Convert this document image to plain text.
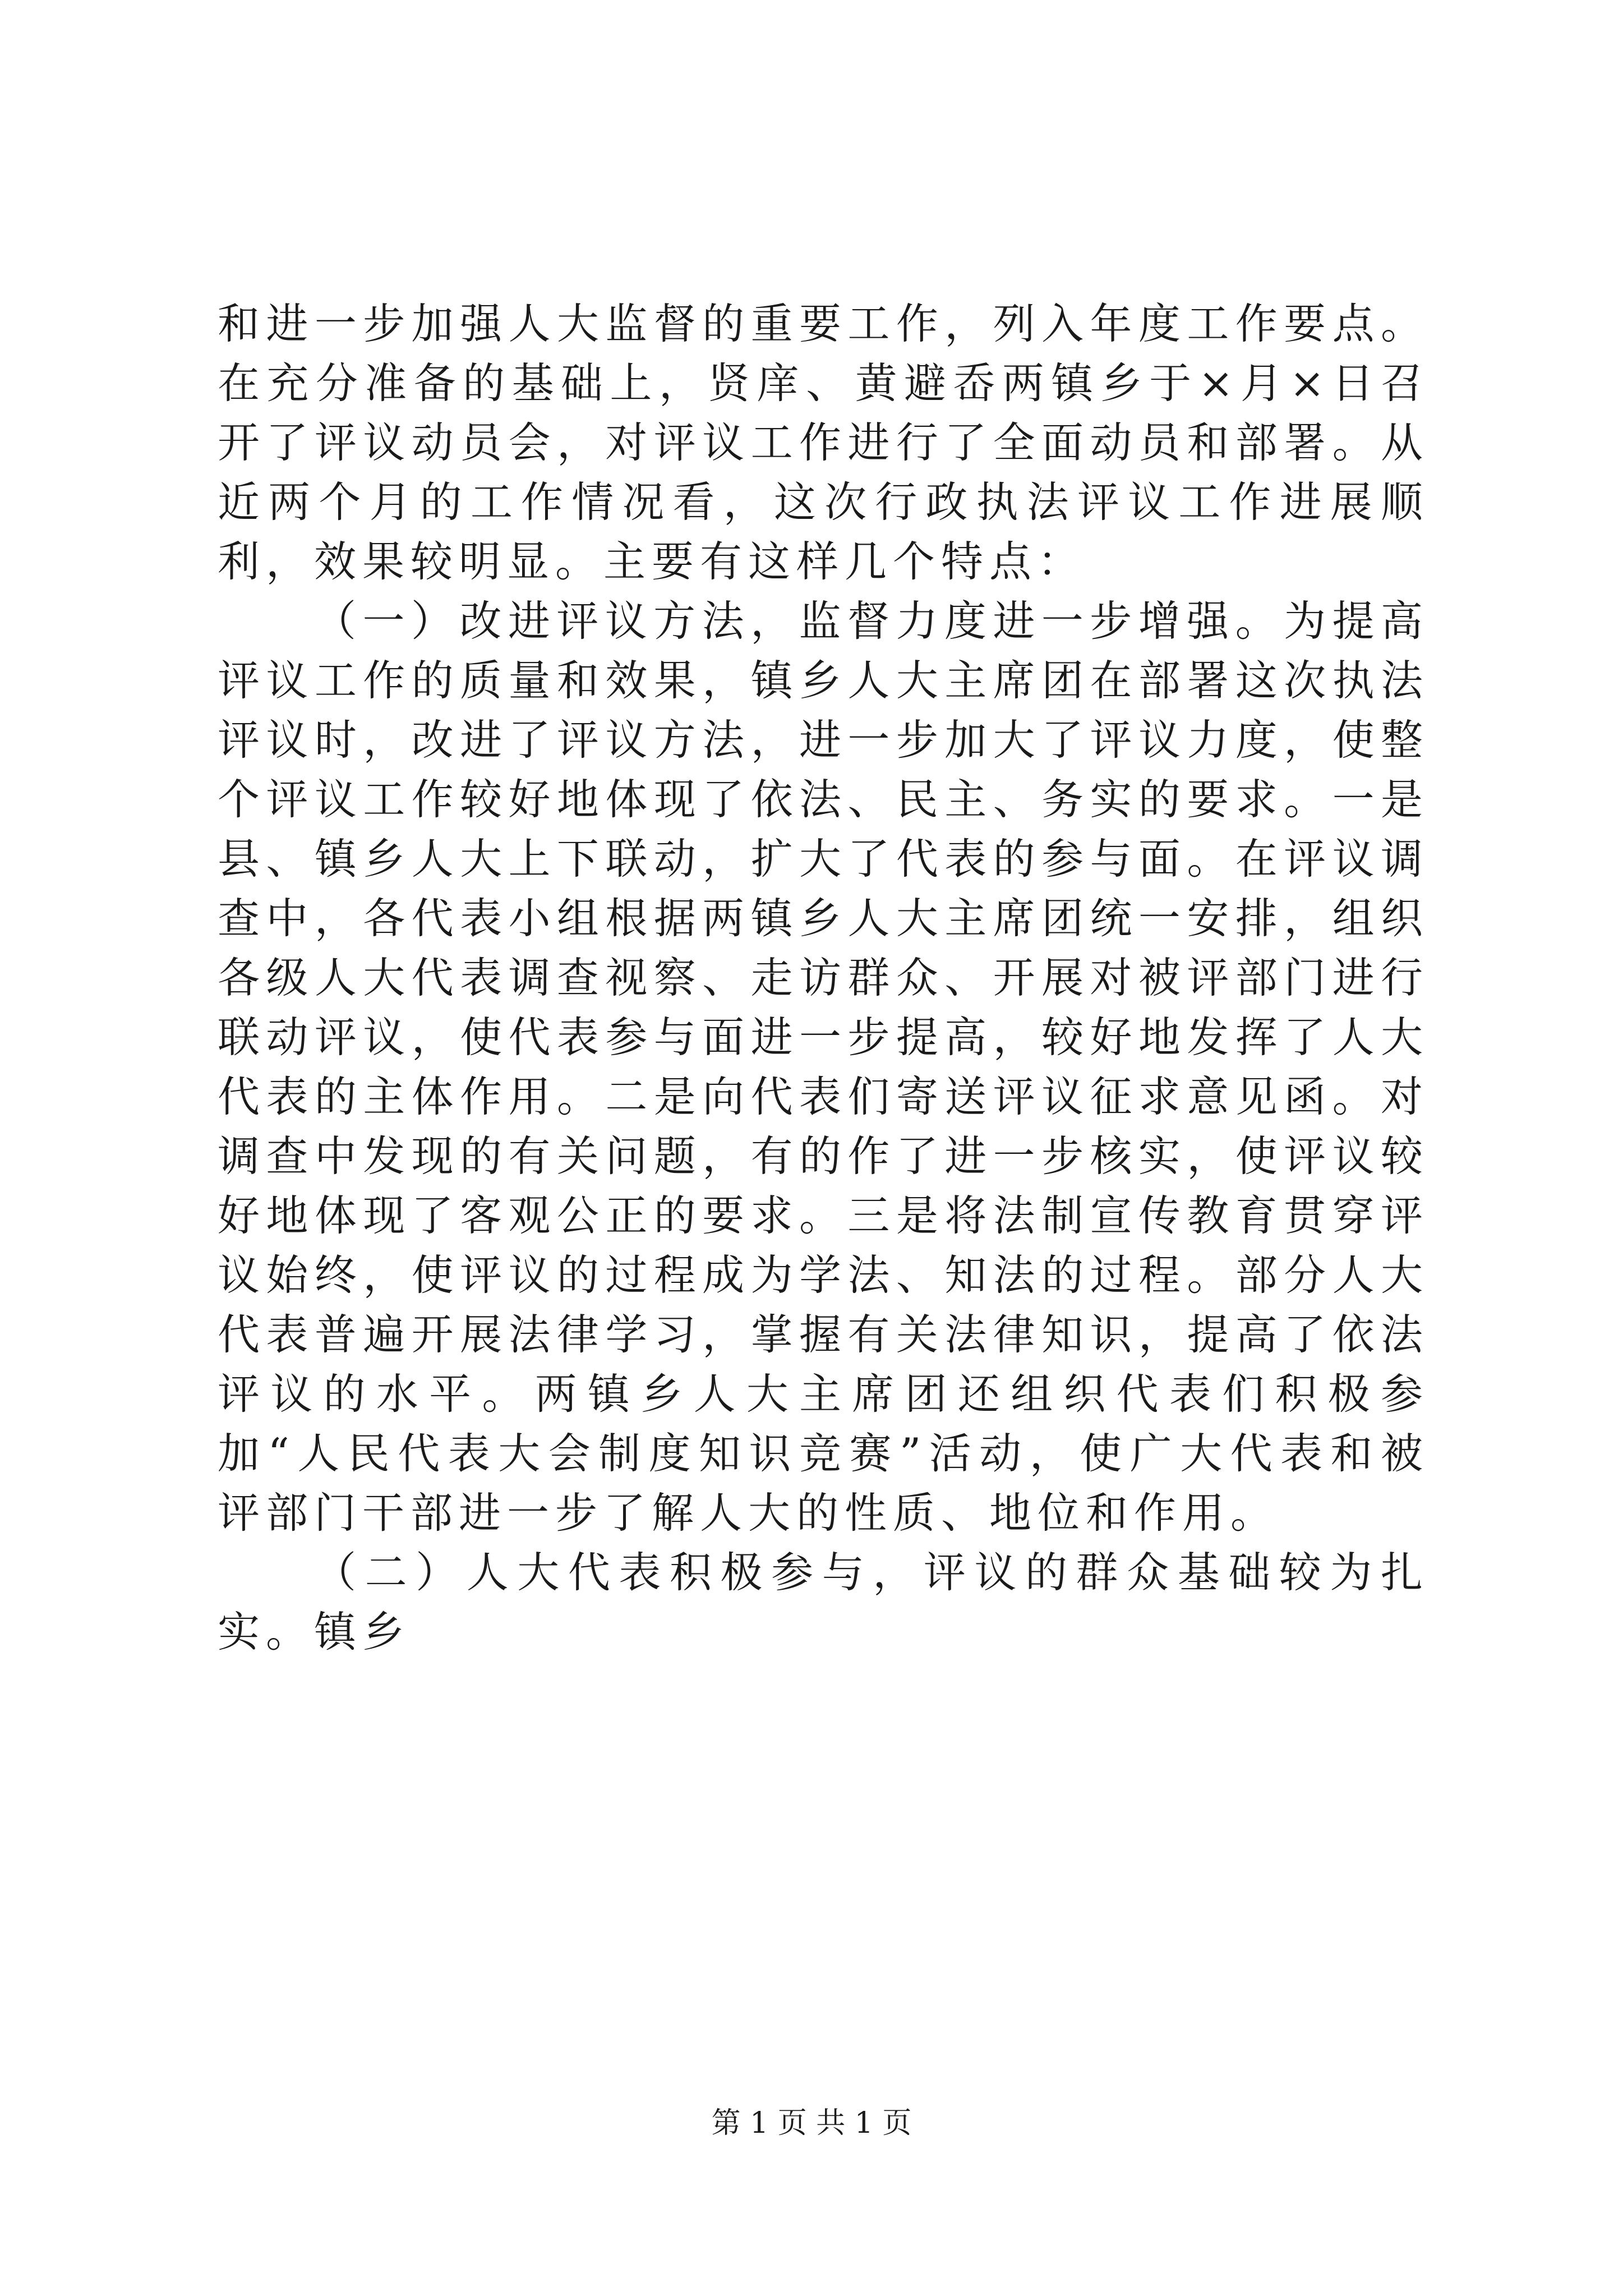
和进一步加强人大监督的重要工作，列入年度工作要点。在充分准备的基础上，贤庠、黄避岙两镇乡于×月×日召开了评议动员会，对评议工作进行了全面动员和部署。从近两个月的工作情况看，这次行政执法评议工作进展顺利，效果较明显。主要有这样几个特点：

（一）改进评议方法，监督力度进一步增强。为提高评议工作的质量和效果，镇乡人大主席团在部署这次执法评议时，改进了评议方法，进一步加大了评议力度，使整个评议工作较好地体现了依法、民主、务实的要求。一是县、镇乡人大上下联动，扩大了代表的参与面。在评议调查中，各代表小组根据两镇乡人大主席团统一安排，组织各级人大代表调查视察、走访群众、开展对被评部门进行联动评议，使代表参与面进一步提高，较好地发挥了人大代表的主体作用。二是向代表们寄送评议征求意见函。对调查中发现的有关问题，有的作了进一步核实，使评议较好地体现了客观公正的要求。三是将法制宣传教育贯穿评议始终，使评议的过程成为学法、知法的过程。部分人大代表普遍开展法律学习，掌握有关法律知识，提高了依法评议的水平。两镇乡人大主席团还组织代表们积极参加“人民代表大会制度知识竞赛”活动，使广大代表和被评部门干部进一步了解人大的性质、地位和作用。

（二）人大代表积极参与，评议的群众基础较为扎实。镇乡

第 1 页 共 1 页
